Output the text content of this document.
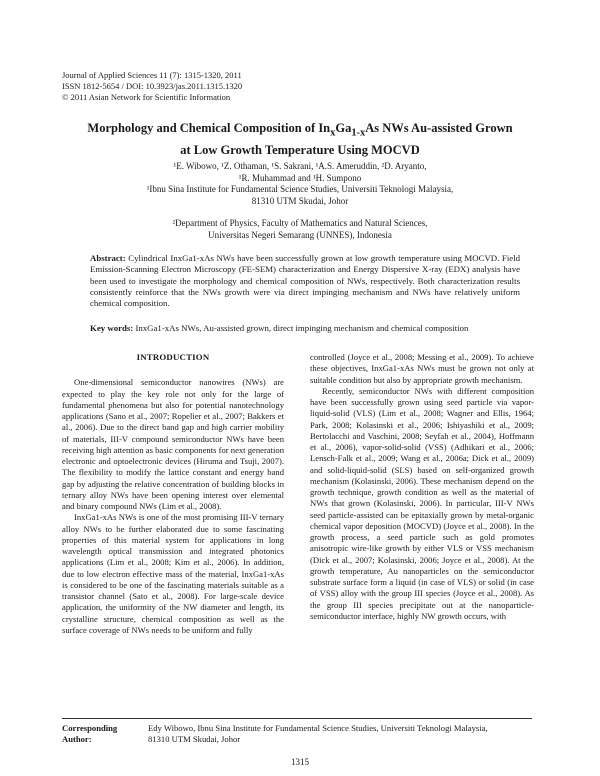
Journal of Applied Sciences 11 (7): 1315-1320, 2011
ISSN 1812-5654 / DOI: 10.3923/jas.2011.1315.1320
© 2011 Asian Network for Scientific Information
Morphology and Chemical Composition of $In_xGa_{1-x}As$ NWs Au-assisted Grown
at Low Growth Temperature Using MOCVD
¹E. Wibowo, ¹Z. Othaman, ¹S. Sakrani, ¹A.S. Ameruddin, ²D. Aryanto,
¹R. Muhammad and ¹H. Sumpono
¹Ibnu Sina Institute for Fundamental Science Studies, Universiti Teknologi Malaysia,
81310 UTM Skudai, Johor
²Department of Physics, Faculty of Mathematics and Natural Sciences,
Universitas Negeri Semarang (UNNES), Indonesia
Abstract: Cylindrical InxGa1-xAs NWs have been successfully grown at low growth temperature using MOCVD. Field Emission-Scanning Electron Microscopy (FE-SEM) characterization and Energy Dispersive X-ray (EDX) analysis have been used to investigate the morphology and chemical composition of NWs, respectively. Both characterization results consistently reinforce that the NWs growth were via direct impinging mechanism and NWs have relatively uniform chemical composition.
Key words: InxGa1-xAs NWs, Au-assisted grown, direct impinging mechanism and chemical composition
INTRODUCTION

One-dimensional semiconductor nanowires (NWs) are expected to play the key role not only for the large of fundamental phenomena but also for potential nanotechnology applications (Sano et al., 2007; Ropelier et al., 2007; Bakkers et al., 2006). Due to the direct band gap and high carrier mobility of materials, III-V compound semiconductor NWs have been receiving high attention as basic components for next generation electronic and optoelectronic devices (Hiruma and Tsuji, 2007). The flexibility to modify the lattice constant and energy band gap by adjusting the relative concentration of building blocks in ternary alloy NWs have been opening interest over elemental and binary compound NWs (Lim et al., 2008).

InxGa1-xAs NWs is one of the most promising III-V ternary alloy NWs to be further elaborated due to some fascinating properties of this material system for applications in long wavelength optical transmission and integrated photonics applications (Lim et al., 2008; Kim et al., 2006). In addition, due to low electron effective mass of the material, InxGa1-xAs is considered to be one of the fascinating materials suitable as a transistor channel (Sato et al., 2008). For large-scale device application, the uniformity of the NW diameter and length, its crystalline structure, chemical composition as well as the surface coverage of NWs needs to be uniform and fully

controlled (Joyce et al., 2008; Messing et al., 2009). To achieve these objectives, InxGa1-xAs NWs must be grown not only at suitable condition but also by appropriate growth mechanism.

Recently, semiconductor NWs with different composition have been successfully grown using seed particle via vapor-liquid-solid (VLS) (Lim et al., 2008; Wagner and Ellis, 1964; Park, 2008; Kolasinski et al., 2006; Ishiyashiki et al., 2009; Bertolacchi and Vaschini, 2008; Seyfah et al., 2004), Hoffmann et al., 2006), vapor-solid-solid (VSS) (Adhikari et al., 2006; Lensch-Falk et al., 2009; Wang et al., 2006a; Dick et al., 2009) and solid-liquid-solid (SLS) based on self-organized growth mechanism (Kolasinski, 2006). These mechanism depend on the growth technique, growth condition as well as the material of NWs that grown (Kolasinski, 2006). In particular, III-V NWs seed particle-assisted can be epitaxially grown by metal-organic chemical vapor deposition (MOCVD) (Joyce et al., 2008). In the growth process, a seed particle such as gold promotes anisotropic wire-like growth by either VLS or VSS mechanism (Dick et al., 2007; Kolasinski, 2006; Joyce et al., 2008). At the growth temperature, Au nanoparticles on the semiconductor substrate surface form a liquid (in case of VLS) or solid (in case of VSS) alloy with the group III species (Joyce et al., 2008). As the group III species precipitate out at the nanoparticle-semiconductor interface, highly NW growth occurs, with

Corresponding Author:
Edy Wibowo, Ibnu Sina Institute for Fundamental Science Studies, Universiti Teknologi Malaysia,
81310 UTM Skudai, Johor
1315
